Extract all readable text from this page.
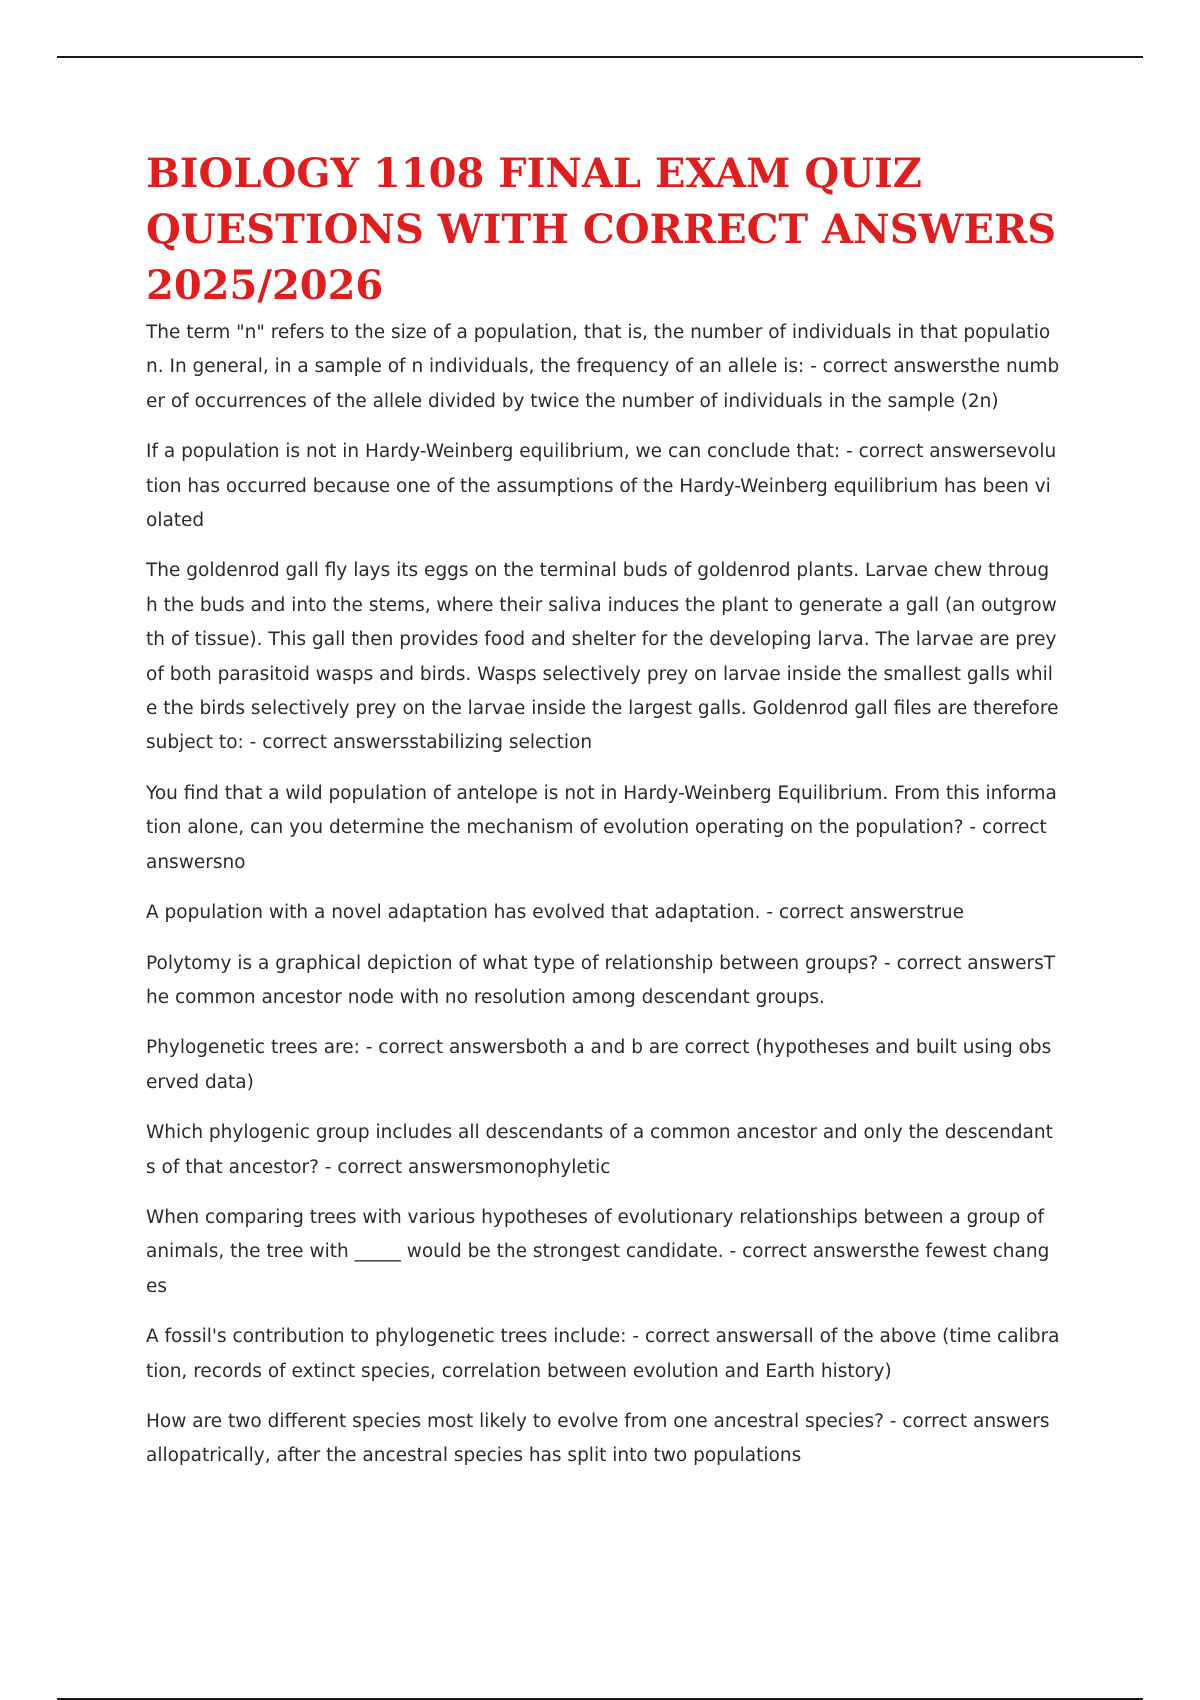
BIOLOGY 1108 FINAL EXAM QUIZ QUESTIONS WITH CORRECT ANSWERS 2025/2026

The term "n" refers to the size of a population, that is, the number of individuals in that population. In general, in a sample of n individuals, the frequency of an allele is: - correct answersthe number of occurrences of the allele divided by twice the number of individuals in the sample (2n)

If a population is not in Hardy-Weinberg equilibrium, we can conclude that: - correct answersevolution has occurred because one of the assumptions of the Hardy-Weinberg equilibrium has been violated

The goldenrod gall fly lays its eggs on the terminal buds of goldenrod plants. Larvae chew through the buds and into the stems, where their saliva induces the plant to generate a gall (an outgrowth of tissue). This gall then provides food and shelter for the developing larva. The larvae are prey of both parasitoid wasps and birds. Wasps selectively prey on larvae inside the smallest galls while the birds selectively prey on the larvae inside the largest galls. Goldenrod gall files are therefore subject to: - correct answersstabilizing selection

You find that a wild population of antelope is not in Hardy-Weinberg Equilibrium. From this information alone, can you determine the mechanism of evolution operating on the population? - correct answersno

A population with a novel adaptation has evolved that adaptation. - correct answerstrue

Polytomy is a graphical depiction of what type of relationship between groups? - correct answersThe common ancestor node with no resolution among descendant groups.

Phylogenetic trees are: - correct answersboth a and b are correct (hypotheses and built using observed data)

Which phylogenic group includes all descendants of a common ancestor and only the descendants of that ancestor? - correct answersmonophyletic

When comparing trees with various hypotheses of evolutionary relationships between a group of animals, the tree with _____ would be the strongest candidate. - correct answersthe fewest changes

A fossil's contribution to phylogenetic trees include: - correct answersall of the above (time calibration, records of extinct species, correlation between evolution and Earth history)

How are two different species most likely to evolve from one ancestral species? - correct answersallopatrically, after the ancestral species has split into two populations
